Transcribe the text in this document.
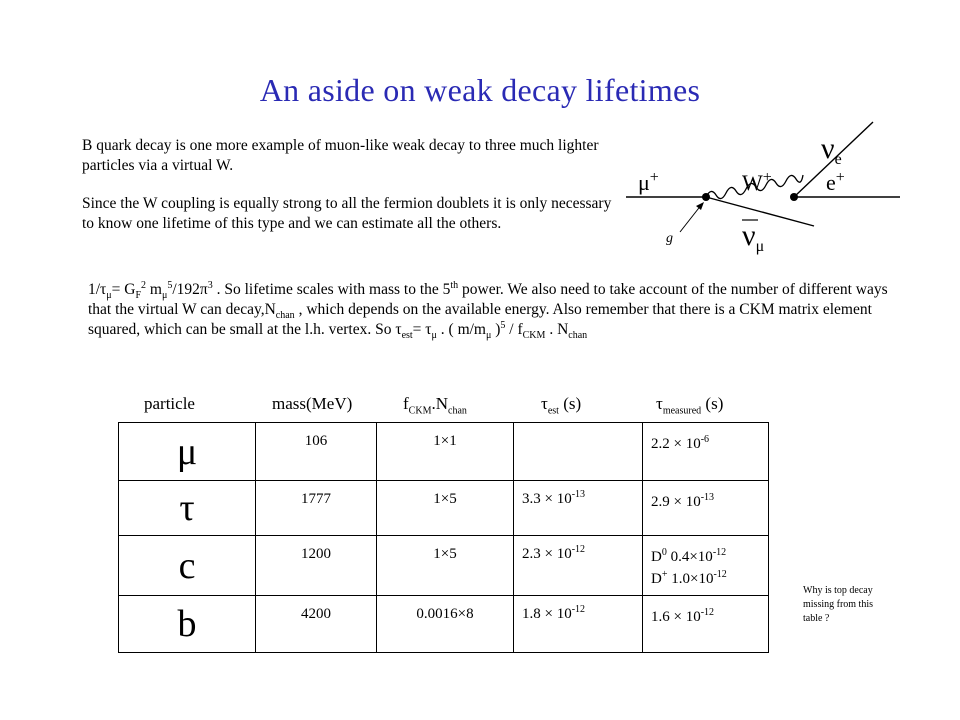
An aside on weak decay lifetimes
B quark decay is one more example of muon-like weak decay to three much lighter particles via a virtual W.
Since the W coupling is equally strong to all the fermion doublets it is only necessary to know one lifetime of this type and we can estimate all the others.
$1/\tau_\mu= G_F^2$ $m_\mu^5/192\pi^3$ . So lifetime scales with mass to the 5th power. We also need to take account of the number of different ways that the virtual W can $decay,N_{chan}$ , which depends on the available energy. Also remember that there is a CKM matrix element squared, which can be small at the l.h. vertex. So $\tau_{est}= \tau_\mu$ . ( $m/m_\mu$ )$^5 / f_{CKM}$ . $N_{chan}$
$\nu_e$
W+
μ+	e+
$\nu_\mu$
g
particle	mass(MeV)	$f_{CKM}.N_{chan}$	$\tau_{est}$ (s)	$\tau_{measured}$ (s)
μ	106	1×1		$2.2 \times 10^{-6}$
τ	1777	1×5	$3.3 \times 10^{-13}$	$2.9 \times 10^{-13}$
c	1200	1×5	$2.3 \times 10^{-12}$	$D^0$ $0.4\times 10^{-12}$
D+ $1.0\times 10^{-12}$

b	4200	0.0016×8	$1.8 \times 10^{-12}$	$1.6 \times 10^{-12}$
Why is top decay missing from this table ?
